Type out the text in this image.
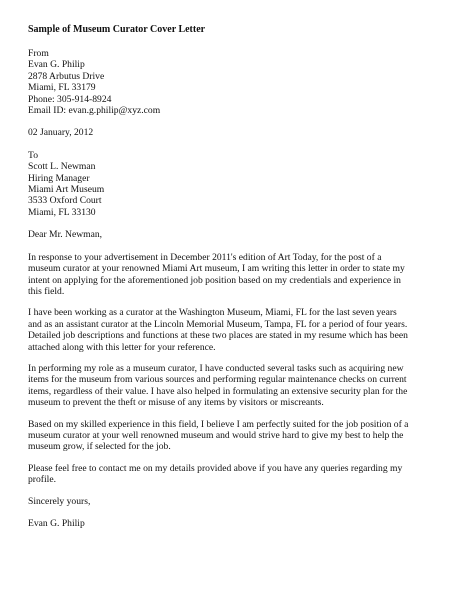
Sample of Museum Curator Cover Letter
From
Evan G. Philip
2878 Arbutus Drive
Miami, FL 33179
Phone: 305-914-8924
Email ID: evan.g.philip@xyz.com
02 January, 2012
To
Scott L. Newman
Hiring Manager
Miami Art Museum
3533 Oxford Court
Miami, FL 33130
Dear Mr. Newman,

In response to your advertisement in December 2011's edition of Art Today, for the post of a
museum curator at your renowned Miami Art museum, I am writing this letter in order to state my
intent on applying for the aforementioned job position based on my credentials and experience in
this field.

I have been working as a curator at the Washington Museum, Miami, FL for the last seven years
and as an assistant curator at the Lincoln Memorial Museum, Tampa, FL for a period of four years.
Detailed job descriptions and functions at these two places are stated in my resume which has been
attached along with this letter for your reference.

In performing my role as a museum curator, I have conducted several tasks such as acquiring new
items for the museum from various sources and performing regular maintenance checks on current
items, regardless of their value. I have also helped in formulating an extensive security plan for the
museum to prevent the theft or misuse of any items by visitors or miscreants.

Based on my skilled experience in this field, I believe I am perfectly suited for the job position of a
museum curator at your well renowned museum and would strive hard to give my best to help the
museum grow, if selected for the job.

Please feel free to contact me on my details provided above if you have any queries regarding my
profile.

Sincerely yours,
Evan G. Philip
